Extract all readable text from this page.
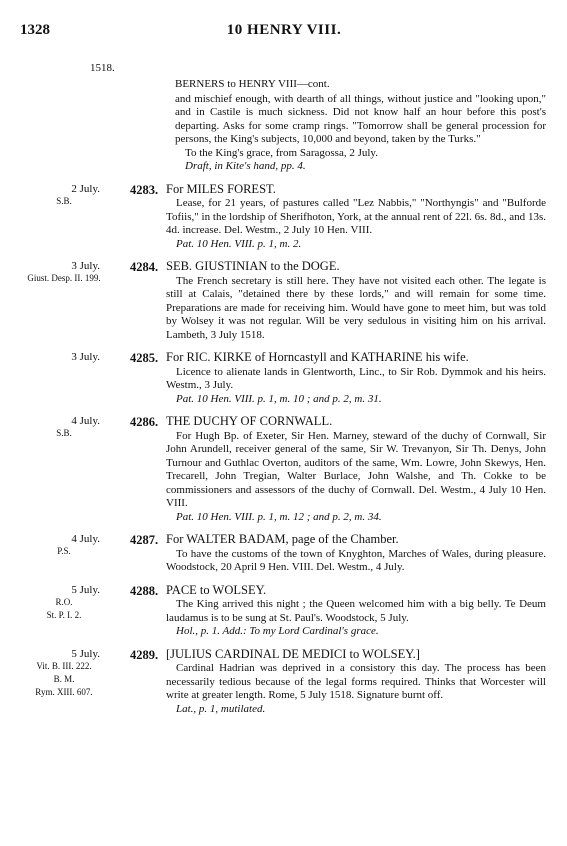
1328	10 HENRY VIII.
1518.
BERNERS to HENRY VIII—cont.
and mischief enough, with dearth of all things, without justice and "looking upon," and in Castile is much sickness. Did not know half an hour before this post's departing. Asks for some cramp rings. "Tomorrow shall be general procession for persons, the King's subjects, 10,000 and beyond, taken by the Turks."
To the King's grace, from Saragossa, 2 July.
Draft, in Kite's hand, pp. 4.
2 July.
S.B.
4283. For MILES FOREST.
Lease, for 21 years, of pastures called "Lez Nabbis," "Northyngis" and "Bulforde Tofiis," in the lordship of Sherifhoton, York, at the annual rent of 22l. 6s. 8d., and 13s. 4d. increase. Del. Westm., 2 July 10 Hen. VIII.
Pat. 10 Hen. VIII. p. 1, m. 2.
3 July.
Giust. Desp. II. 199.
4284. SEB. GIUSTINIAN to the DOGE.
The French secretary is still here. They have not visited each other. The legate is still at Calais, "detained there by these lords," and will remain for some time. Preparations are made for receiving him. Would have gone to meet him, but was told by Wolsey it was not regular. Will be very sedulous in visiting him on his arrival. Lambeth, 3 July 1518.
3 July. 4285. For RIC. KIRKE of Horncastyll and KATHARINE his wife.
Licence to alienate lands in Glentworth, Linc., to Sir Rob. Dymmok and his heirs. Westm., 3 July.
Pat. 10 Hen. VIII. p. 1, m. 10 ; and p. 2, m. 31.
4 July.
S.B.
4286. THE DUCHY OF CORNWALL.
For Hugh Bp. of Exeter, Sir Hen. Marney, steward of the duchy of Cornwall, Sir John Arundell, receiver general of the same, Sir W. Trevanyon, Sir Th. Denys, John Turnour and Guthlac Overton, auditors of the same, Wm. Lowre, John Skewys, Hen. Trecarell, John Tregian, Walter Burlace, John Walshe, and Th. Cokke to be commissioners and assessors of the duchy of Cornwall. Del. Westm., 4 July 10 Hen. VIII.
Pat. 10 Hen. VIII. p. 1, m. 12 ; and p. 2, m. 34.
4 July.
P.S.
4287. For WALTER BADAM, page of the Chamber.
To have the customs of the town of Knyghton, Marches of Wales, during pleasure. Woodstock, 20 April 9 Hen. VIII. Del. Westm., 4 July.
5 July.
R.O.
St. P. I. 2.
4288. PACE to WOLSEY.
The King arrived this night ; the Queen welcomed him with a big belly. Te Deum laudamus is to be sung at St. Paul's. Woodstock, 5 July.
Hol., p. 1. Add.: To my Lord Cardinal's grace.
5 July.
Vit. B. III. 222.
B. M.
Rym. XIII. 607.
4289. [JULIUS CARDINAL DE MEDICI to WOLSEY.]
Cardinal Hadrian was deprived in a consistory this day. The process has been necessarily tedious because of the legal forms required. Thinks that Worcester will write at greater length. Rome, 5 July 1518. Signature burnt off.
Lat., p. 1, mutilated.
